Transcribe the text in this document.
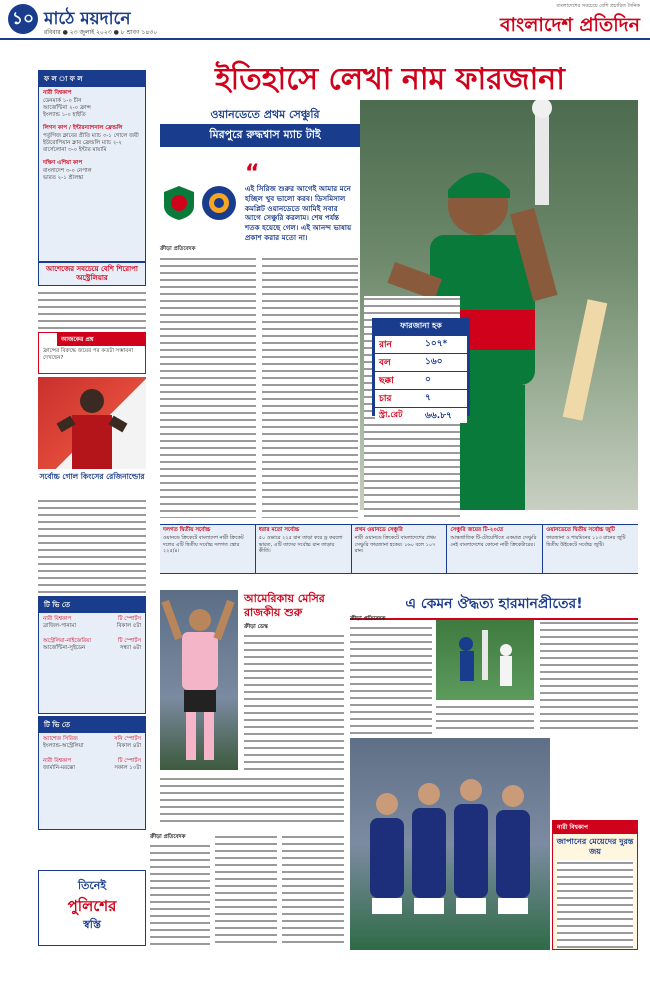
১০ মাঠে ময়দানে
রবিবার ● ২৩ জুলাই ২০২৩ ● ৮ শ্রাবণ ১৪৩০
বাংলাদেশের সবচেয়ে বেশি প্রচারিত দৈনিক
বাংলাদেশ প্রতিদিন
ফ ল া ফ ল
নারী বিশ্বকাপ
ডেনমার্ক ১-০ চীন
আর্জেন্টিনা ২-০ ফ্রান্স
ইংল্যান্ড ১-০ হাইতি
লিগস কাপ / ইন্টারন্যাশনাল ফ্রেন্ডলি
পর্তুগিজ ক্লাবের প্রীতি ম্যাচ ৩-১ গোলে জয়ী
ইউরোপিয়ান ক্লাব ফ্রেন্ডলি ম্যাচ ২-২
বার্সেলোনা ৩-০ ইন্টার মায়ামি
দক্ষিণ এশিয়া কাপ
বাংলাদেশ ৩-০ নেপাল
ভারত ২-১ শ্রীলঙ্কা
আশেজের সবচেয়ে বেশি শিরোপা অস্ট্রেলিয়ার
আজকের প্রশ্ন
ফ্রান্সের বিরুদ্ধে জয়ের পর কতটা সম্ভাবনা দেখছেন?
সর্বোচ্চ গোল কিংসের রেজিনাল্ডোর
টি ভি তে
নারী বিশ্বকাপ	টি স্পোর্টস
ব্রাজিল-পানামা	বিকাল ৫টা
অস্ট্রেলিয়া-নাইজেরিয়া	টি স্পোর্টস
আর্জেন্টিনা-সুইডেন	সন্ধ্যা ৬টা
টি ভি তে
অ্যাশেজ সিরিজ	সনি স্পোর্টস
ইংল্যান্ড-অস্ট্রেলিয়া	বিকাল ৪টা
নারী বিশ্বকাপ	টি স্পোর্টস
জার্মানি-মরক্কো	সকাল ১০টা
ইতিহাসে লেখা নাম ফারজানা
ওয়ানডেতে প্রথম সেঞ্চুরি
মিরপুরে রুদ্ধশ্বাস ম্যাচ টাই
“
এই সিরিজ শুরুর আগেই আমার মনে হচ্ছিল খুব ভালো করব। ডিসমিসাল কমপ্লিট ওয়ানডেতে আমিই সবার আগে সেঞ্চুরি করলাম। শেষ পর্যন্ত শতক হয়েছে গেল। এই আনন্দ ভাষায় প্রকাশ করার মতো না।
ক্রীড়া প্রতিবেদক
ফারজানা হক
রান	১০৭*
বল	১৬০
ছক্কা	০
চার	৭
স্ট্রা.রেট	৬৬.৮৭
দলগত দ্বিতীয় সর্বোচ্চ
ওয়ানডে ক্রিকেটে বাংলাদেশ নারী ক্রিকেট দলের এটি দ্বিতীয় সর্বোচ্চ দলগত স্কোর ২২৫/৪।
ধরার মতো সর্বোচ্চ
৫০ ওভারে ২২৫ রান তাড়া করে ড্র করলো ভারত, এটি তাদের সর্বোচ্চ রান তাড়ার কীর্তি।
প্রথম ওয়ানডে সেঞ্চুরি
নারী ওয়ানডে ক্রিকেটে বাংলাদেশের প্রথম সেঞ্চুরি ফারজানা হকের। ১৬০ বলে ১০৭ রান।
সেঞ্চুরি জয়ের টি-২০তে
আন্তর্জাতিক টি-টোয়েন্টিতে একমাত্র সেঞ্চুরি নেই বাংলাদেশের কোনো নারী ক্রিকেটারের।
ওয়ানডেতে দ্বিতীয় সর্বোচ্চ জুটি
ফারজানা ও শারমিনের ১১৩ রানের জুটি দ্বিতীয় উইকেটে সর্বোচ্চ জুটি।
আমেরিকায় মেসির রাজকীয় শুরু
ক্রীড়া ডেস্ক
এ কেমন ঔদ্ধত্য হারমানপ্রীতের!
ক্রীড়া প্রতিবেদক
নারী বিশ্বকাপ
জাপানের মেয়েদের দুরন্ত জয়
তিনেই
পুলিশের
স্বস্তি
ক্রীড়া প্রতিবেদক
